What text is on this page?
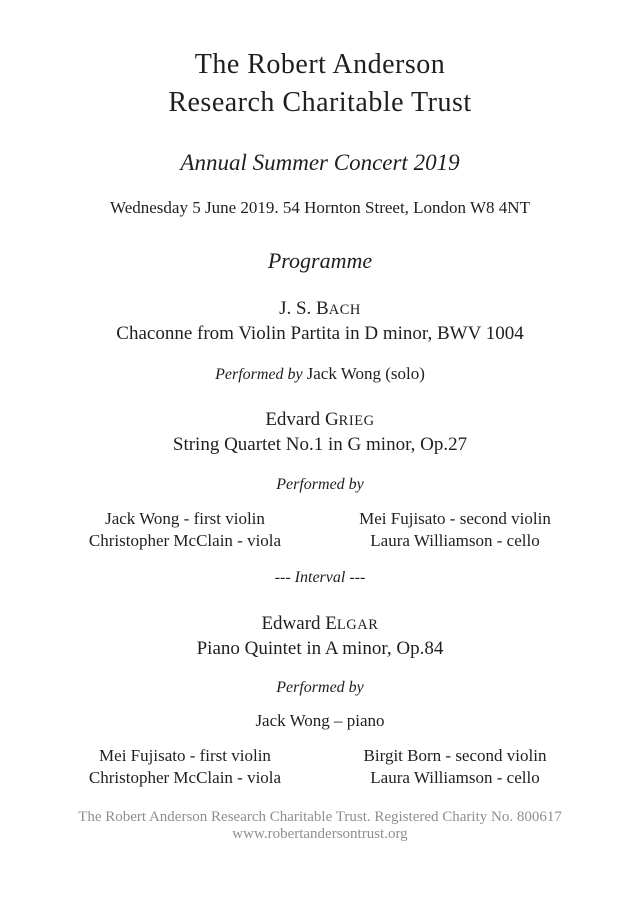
The Robert Anderson
Research Charitable Trust
Annual Summer Concert 2019
Wednesday 5 June 2019. 54 Hornton Street, London W8 4NT
Programme
J. S. BACH
Chaconne from Violin Partita in D minor, BWV 1004
Performed by Jack Wong (solo)
Edvard GRIEG
String Quartet No.1 in G minor, Op.27
Performed by
Jack Wong - first violin	Mei Fujisato - second violin
Christopher McClain - viola	Laura Williamson - cello
--- Interval ---
Edward ELGAR
Piano Quintet in A minor, Op.84
Performed by
Jack Wong – piano
Mei Fujisato - first violin	Birgit Born - second violin
Christopher McClain - viola	Laura Williamson - cello
The Robert Anderson Research Charitable Trust. Registered Charity No. 800617
www.robertandersontrust.org
